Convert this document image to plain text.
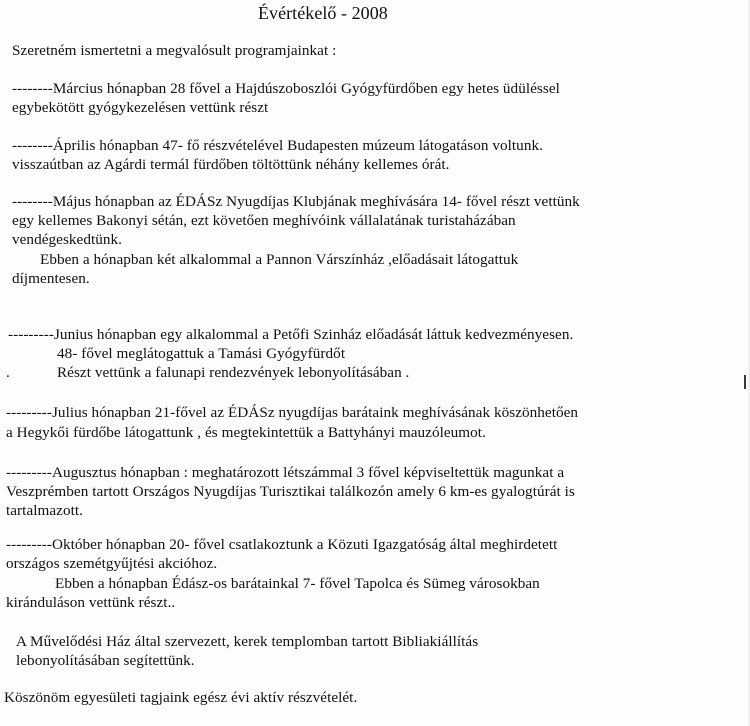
Évértékelő - 2008
Szeretném ismertetni a megvalósult programjainkat :
--------Március hónapban 28 fővel a Hajdúszoboszlói Gyógyfürdőben egy hetes üdüléssel
egybekötött gyógykezelésen vettünk részt
--------Április hónapban 47- fő részvételével Budapesten múzeum látogatáson voltunk.
visszaútban az Agárdi termál fürdőben töltöttünk néhány kellemes órát.
--------Május hónapban az ÉDÁSz Nyugdíjas Klubjának meghívására 14- fővel részt vettünk
egy kellemes Bakonyi sétán, ezt követően meghívóink vállalatának turistaházában
vendégeskedtünk.
Ebben a hónapban két alkalommal a Pannon Várszínház ,előadásait látogattuk
díjmentesen.
---------Junius hónapban egy alkalommal a Petőfi Szinház előadását láttuk kedvezményesen.
48- fővel meglátogattuk a Tamási Gyógyfürdőt
.	Részt vettünk a falunapi rendezvények lebonyolításában .
---------Julius hónapban 21-fővel az ÉDÁSz nyugdíjas barátaink meghívásának köszönhetően
a Hegykői fürdőbe látogattunk , és megtekintettük a Battyhányi mauzóleumot.
---------Augusztus hónapban : meghatározott létszámmal 3 fővel képviseltettük magunkat a
Veszprémben tartott Országos Nyugdíjas Turisztikai találkozón amely 6 km-es gyalogtúrát is
tartalmazott.
---------Október hónapban 20- fővel csatlakoztunk a Közuti Igazgatóság által meghirdetett
országos szemétgyűjtési akcióhoz.
Ebben a hónapban Édász-os barátainkal 7- fővel Tapolca és Sümeg városokban
kiránduláson vettünk részt..
A Művelődési Ház által szervezett, kerek templomban tartott Bibliakiállítás
lebonyolításában segítettünk.
Köszönöm egyesületi tagjaink egész évi aktív részvételét.
